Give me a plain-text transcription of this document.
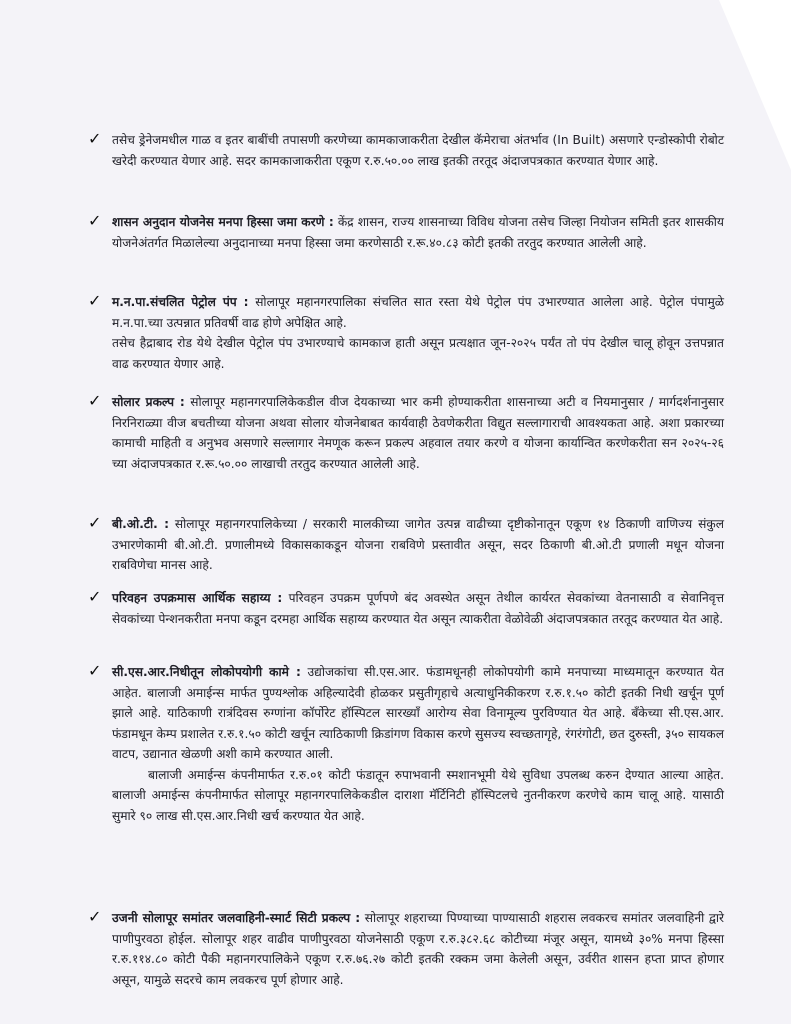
✓ तसेच ड्रेनेजमधील गाळ व इतर बाबींची तपासणी करणेच्या कामकाजाकरीता देखील कॅमेराचा अंतर्भाव (In Built) असणारे एन्डोस्कोपी रोबोट खरेदी करण्यात येणार आहे. सदर कामकाजाकरीता एकूण र.रु.५०.०० लाख इतकी तरतूद अंदाजपत्रकात करण्यात येणार आहे.
✓ शासन अनुदान योजनेस मनपा हिस्सा जमा करणे : केंद्र शासन, राज्य शासनाच्या विविध योजना तसेच जिल्हा नियोजन समिती इतर शासकीय योजनेअंतर्गत मिळालेल्या अनुदानाच्या मनपा हिस्सा जमा करणेसाठी र.रू.४०.८३ कोटी इतकी तरतुद करण्यात आलेली आहे.
✓ म.न.पा.संचलित पेट्रोल पंप : सोलापूर महानगरपालिका संचलित सात रस्ता येथे पेट्रोल पंप उभारण्यात आलेला आहे. पेट्रोल पंपामुळे म.न.पा.च्या उत्पन्नात प्रतिवर्षी वाढ होणे अपेक्षित आहे.
तसेच हैद्राबाद रोड येथे देखील पेट्रोल पंप उभारण्याचे कामकाज हाती असून प्रत्यक्षात जून-२०२५ पर्यंत तो पंप देखील चालू होवून उत्तपन्नात वाढ करण्यात येणार आहे.
✓ सोलार प्रकल्प : सोलापूर महानगरपालिकेकडील वीज देयकाच्या भार कमी होण्याकरीता शासनाच्या अटी व नियमानुसार / मार्गदर्शनानुसार निरनिराळ्या वीज बचतीच्या योजना अथवा सोलार योजनेबाबत कार्यवाही ठेवणेकरीता विद्युत सल्लागाराची आवश्यकता आहे. अशा प्रकारच्या कामाची माहिती व अनुभव असणारे सल्लागार नेमणूक करून प्रकल्प अहवाल तयार करणे व योजना कार्यान्वित करणेकरीता सन २०२५-२६ च्या अंदाजपत्रकात र.रू.५०.०० लाखाची तरतुद करण्यात आलेली आहे.
✓ बी.ओ.टी. : सोलापूर महानगरपालिकेच्या / सरकारी मालकीच्या जागेत उत्पन्न वाढीच्या दृष्टीकोनातून एकूण १४ ठिकाणी वाणिज्य संकुल उभारणेकामी बी.ओ.टी. प्रणालीमध्ये विकासकाकडून योजना राबविणे प्रस्तावीत असून, सदर ठिकाणी बी.ओ.टी प्रणाली मधून योजना राबविणेचा मानस आहे.
✓ परिवहन उपक्रमास आर्थिक सहाय्य : परिवहन उपक्रम पूर्णपणे बंद अवस्थेत असून तेथील कार्यरत सेवकांच्या वेतनासाठी व सेवानिवृत्त सेवकांच्या पेन्शनकरीता मनपा कडून दरमहा आर्थिक सहाय्य करण्यात येत असून त्याकरीता वेळोवेळी अंदाजपत्रकात तरतूद करण्यात येत आहे.
✓ सी.एस.आर.निधीतून लोकोपयोगी कामे : उद्योजकांचा सी.एस.आर. फंडामधूनही लोकोपयोगी कामे मनपाच्या माध्यमातून करण्यात येत आहेत. बालाजी अमाईन्स मार्फत पुण्यश्लोक अहिल्यादेवी होळकर प्रसुतीगृहाचे अत्याधुनिकीकरण र.रु.१.५० कोटी इतकी निधी खर्चून पूर्ण झाले आहे. याठिकाणी रात्रंदिवस रुग्णांना कॉर्पोरेट हॉस्पिटल सारख्याँ आरोग्य सेवा विनामूल्य पुरविण्यात येत आहे. बँकेच्या सी.एस.आर. फंडामधून केम्प प्रशालेत र.रु.१.५० कोटी खर्चून त्याठिकाणी क्रिडांगण विकास करणे सुसज्य स्वच्छतागृहे, रंगरंगोटी, छत दुरुस्ती, ३५० सायकल वाटप, उद्यानात खेळणी अशी कामे करण्यात आली.
बालाजी अमाईन्स कंपनीमार्फत र.रु.०१ कोटी फंडातून रुपाभवानी स्मशानभूमी येथे सुविधा उपलब्ध करुन देण्यात आल्या आहेत. बालाजी अमाईन्स कंपनीमार्फत सोलापूर महानगरपालिकेकडील दाराशा मॅर्टिनिटी हॉस्पिटलचे नुतनीकरण करणेचे काम चालू आहे. यासाठी सुमारे ९० लाख सी.एस.आर.निधी खर्च करण्यात येत आहे.
✓ उजनी सोलापूर समांतर जलवाहिनी-स्मार्ट सिटी प्रकल्प : सोलापूर शहराच्या पिण्याच्या पाण्यासाठी शहरास लवकरच समांतर जलवाहिनी द्वारे पाणीपुरवठा होईल. सोलापूर शहर वाढीव पाणीपुरवठा योजनेसाठी एकूण र.रु.३८२.६८ कोटीच्या मंजूर असून, यामध्ये ३०% मनपा हिस्सा र.रु.११४.८० कोटी पैकी महानगरपालिकेने एकूण र.रु.७६.२७ कोटी इतकी रक्कम जमा केलेली असून, उर्वरीत शासन हप्ता प्राप्त होणार असून, यामुळे सदरचे काम लवकरच पूर्ण होणार आहे.
